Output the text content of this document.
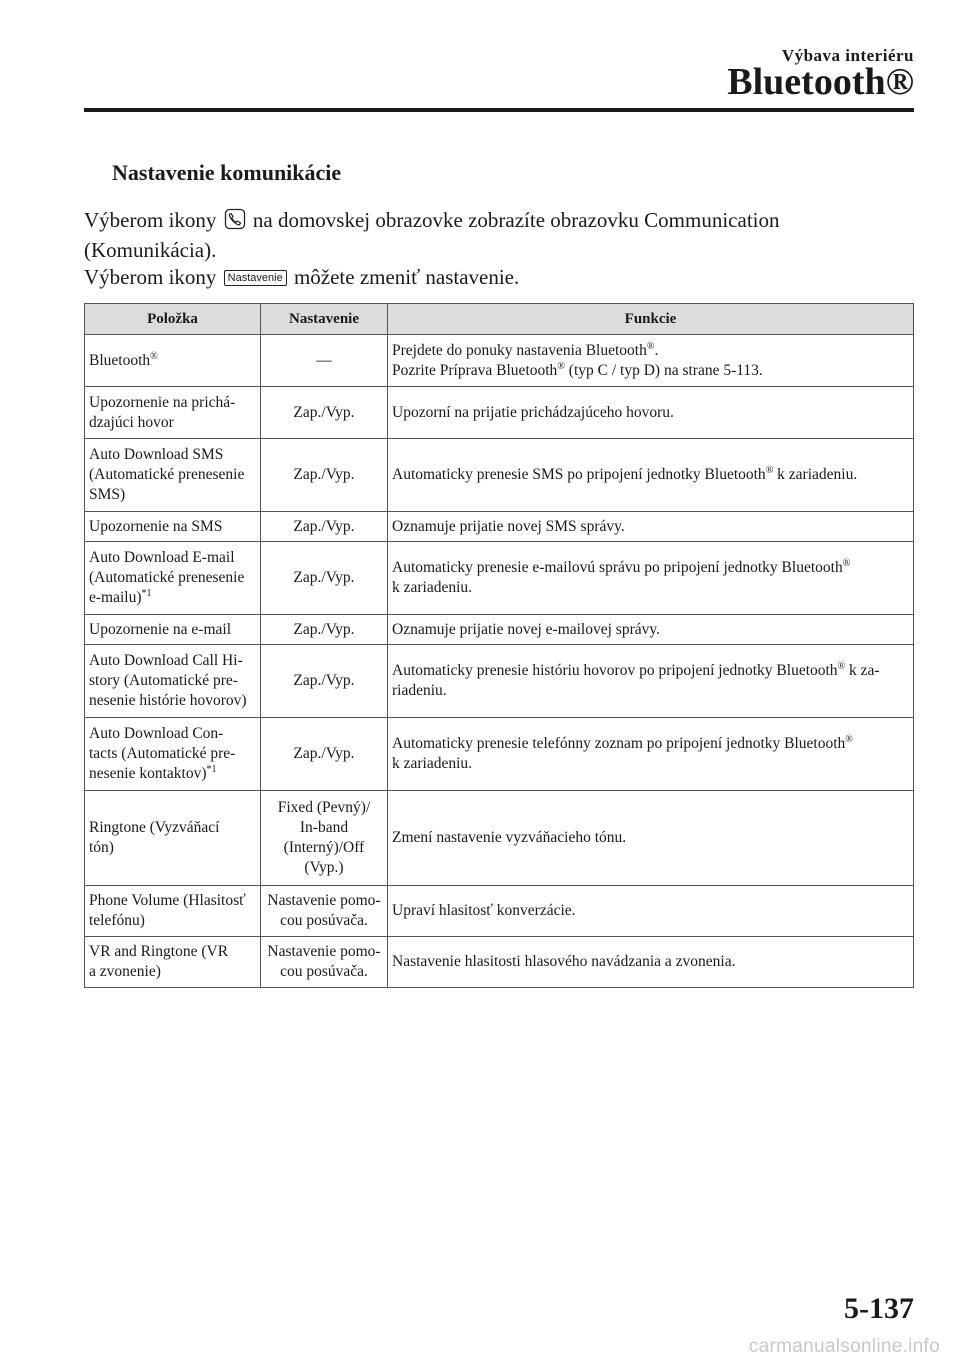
Výbava interiéru
Bluetooth®
Nastavenie komunikácie
Výberom ikony na domovskej obrazovke zobrazíte obrazovku Communication
(Komunikácia).
Výberom ikony Nastavenie môžete zmeniť nastavenie.
Položka	Nastavenie	Funkcie
Bluetooth®	—	Prejdete do ponuky nastavenia Bluetooth®.
Pozrite Príprava Bluetooth® (typ C / typ D) na strane 5-113.
Upozornenie na prichá-
dzajúci hovor	Zap./Vyp.	Upozorní na prijatie prichádzajúceho hovoru.
Auto Download SMS
(Automatické prenesenie
SMS)	Zap./Vyp.	Automaticky prenesie SMS po pripojení jednotky Bluetooth® k zariadeniu.
Upozornenie na SMS	Zap./Vyp.	Oznamuje prijatie novej SMS správy.
Auto Download E-mail
(Automatické prenesenie
e-mailu)$^{*1}$	Zap./Vyp.	Automaticky prenesie e-mailovú správu po pripojení jednotky Bluetooth®
k zariadeniu.
Upozornenie na e-mail	Zap./Vyp.	Oznamuje prijatie novej e-mailovej správy.
Auto Download Call Hi-
story (Automatické pre-
nesenie histórie hovorov)	Zap./Vyp.	Automaticky prenesie históriu hovorov po pripojení jednotky Bluetooth® k za-
riadeniu.
Auto Download Con-
tacts (Automatické pre-
nesenie kontaktov)$^{*1}$	Zap./Vyp.	Automaticky prenesie telefónny zoznam po pripojení jednotky Bluetooth®
k zariadeniu.
Ringtone (Vyzváňací
tón)	Fixed (Pevný)/
In-band
(Interný)/Off
(Vyp.)	Zmení nastavenie vyzváňacieho tónu.
Phone Volume (Hlasitosť
telefónu)	Nastavenie pomo-
cou posúvača.	Upraví hlasitosť konverzácie.
VR and Ringtone (VR
a zvonenie)	Nastavenie pomo-
cou posúvača.	Nastavenie hlasitosti hlasového navádzania a zvonenia.
5-137
carmanualsonline.info
